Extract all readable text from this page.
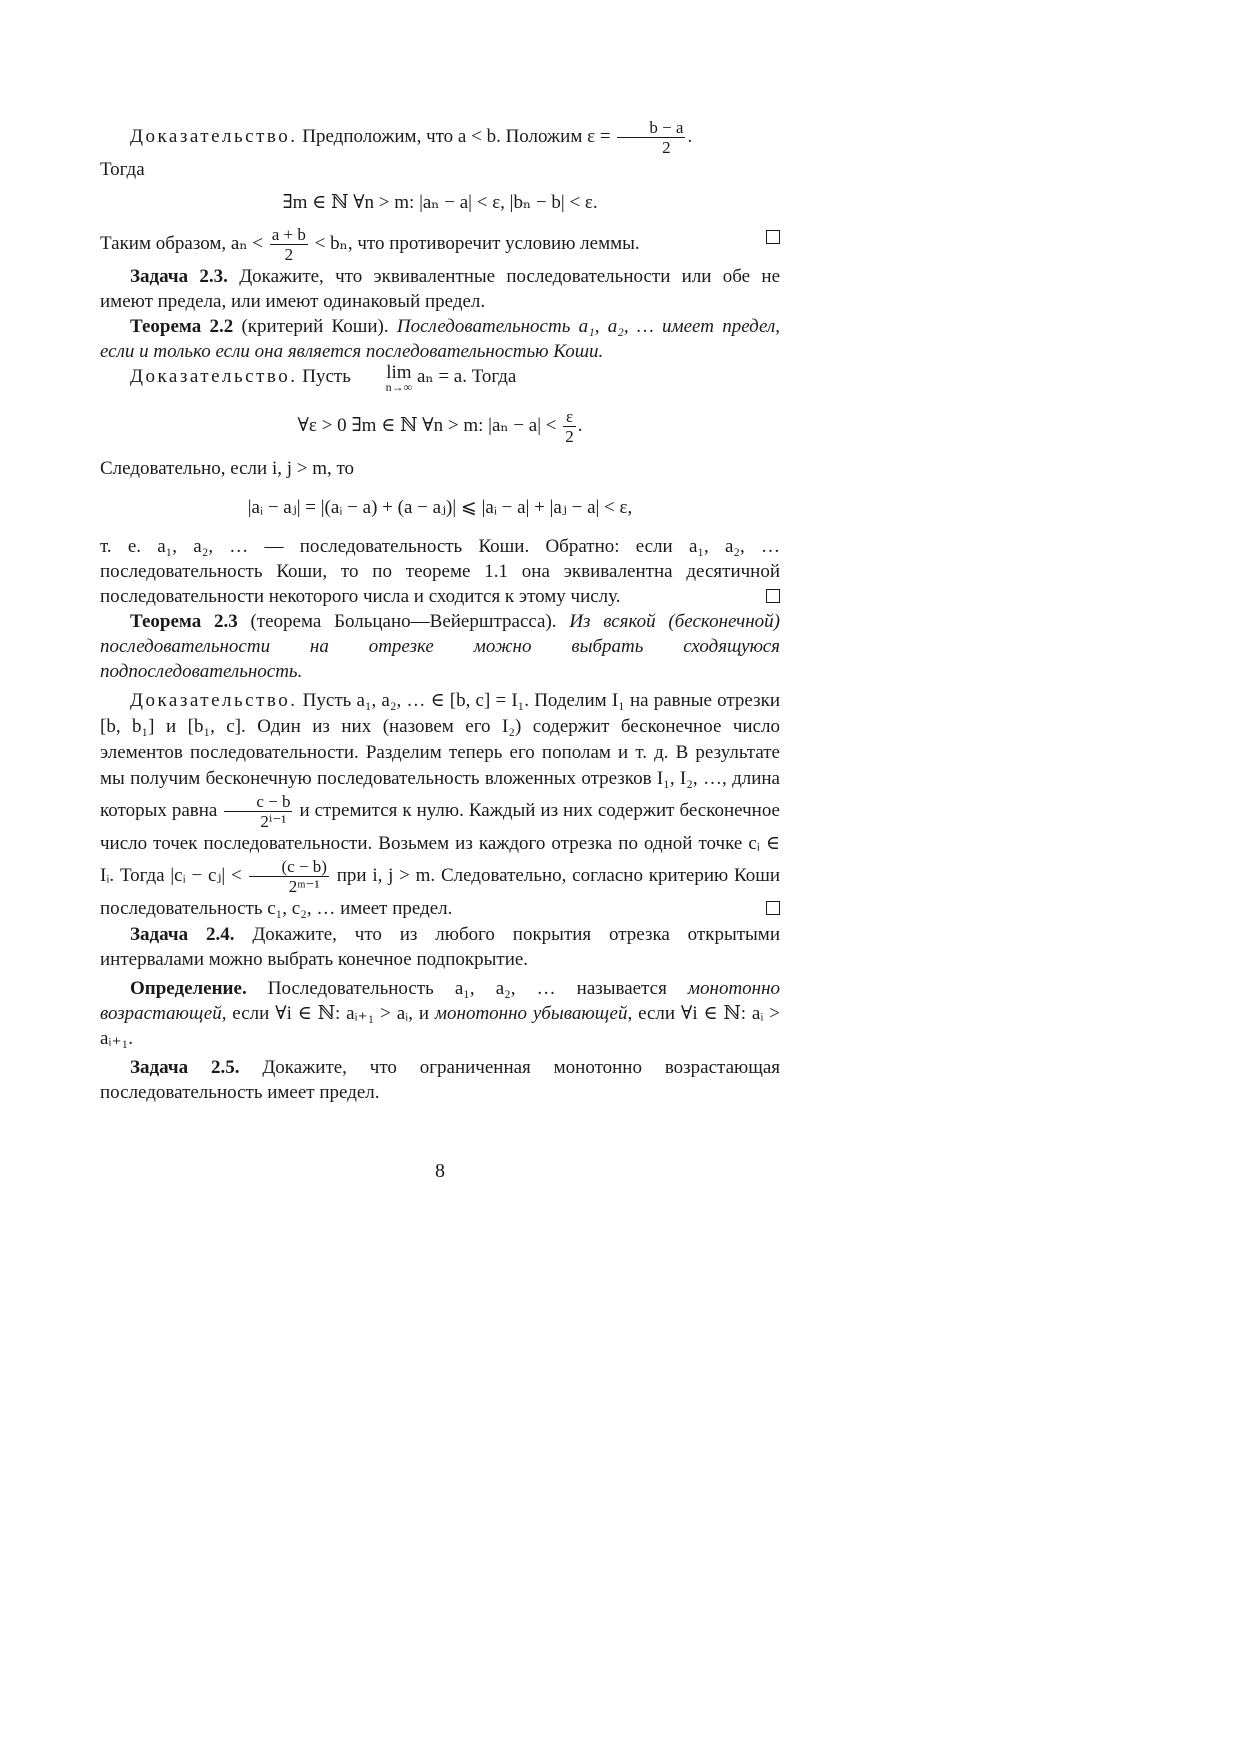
Доказательство. Предположим, что a < b. Положим $\varepsilon = \frac{b - a}{2}$ .

Тогда

∃m ∈ ℕ ∀n > m: |aₙ − a| < ε, |bₙ − b| < ε.

Таким образом, $a_n < \frac{a + b}{2} < b_n$, что противоречит условию леммы.

Задача 2.3. Докажите, что эквивалентные последовательности или обе не имеют предела, или имеют одинаковый предел.

Теорема 2.2 (критерий Коши). Последовательность a₁, a₂, … имеет предел, если и только если она является последовательностью Коши.

Доказательство. Пусть lim
n→∞ aₙ = a. Тогда

∀ε > 0 ∃m ∈ ℕ ∀n > m: $|a_n - a| < \frac{\varepsilon}{2}$ .

Следовательно, если i, j > m, то

|aᵢ − aⱼ| = |(aᵢ − a) + (a − aⱼ)| ⩽ |aᵢ − a| + |aⱼ − a| < ε,

т. е. a₁, a₂, … — последовательность Коши. Обратно: если a₁, a₂, … последовательность Коши, то по теореме 1.1 она эквивалентна десятичной последовательности некоторого числа и сходится к этому числу.

Теорема 2.3 (теорема Больцано—Вейерштрасса). Из всякой (бесконечной) последовательности на отрезке можно выбрать сходящуюся подпоследовательность.

Доказательство. Пусть a₁, a₂, … ∈ [b, c] = I₁. Поделим I₁ на равные отрезки [b, b₁] и [b₁, c]. Один из них (назовем его I₂) содержит бесконечное число элементов последовательности. Разделим теперь его пополам и т. д. В результате мы получим бесконечную последовательность вложенных отрезков I₁, I₂, …, длина которых равна $\frac{c - b}{\text{2ⁱ⁻¹}}$ и стремится к нулю. Каждый из них содержит бесконечное число точек последовательности. Возьмем из каждого отрезка по одной точке cᵢ ∈ Iᵢ. Тогда |cᵢ − cⱼ| < $\frac{(c - b)}{\text{2ᵐ⁻¹}}$ при i, j > m. Следовательно, согласно критерию Коши последовательность c₁, c₂, … имеет предел.

Задача 2.4. Докажите, что из любого покрытия отрезка открытыми интервалами можно выбрать конечное подпокрытие.

Определение. Последовательность a₁, a₂, … называется монотонно возрастающей, если ∀i ∈ ℕ: aᵢ₊₁ > aᵢ, и монотонно убывающей, если ∀i ∈ ℕ: aᵢ > aᵢ₊₁.

Задача 2.5. Докажите, что ограниченная монотонно возрастающая последовательность имеет предел.

8
